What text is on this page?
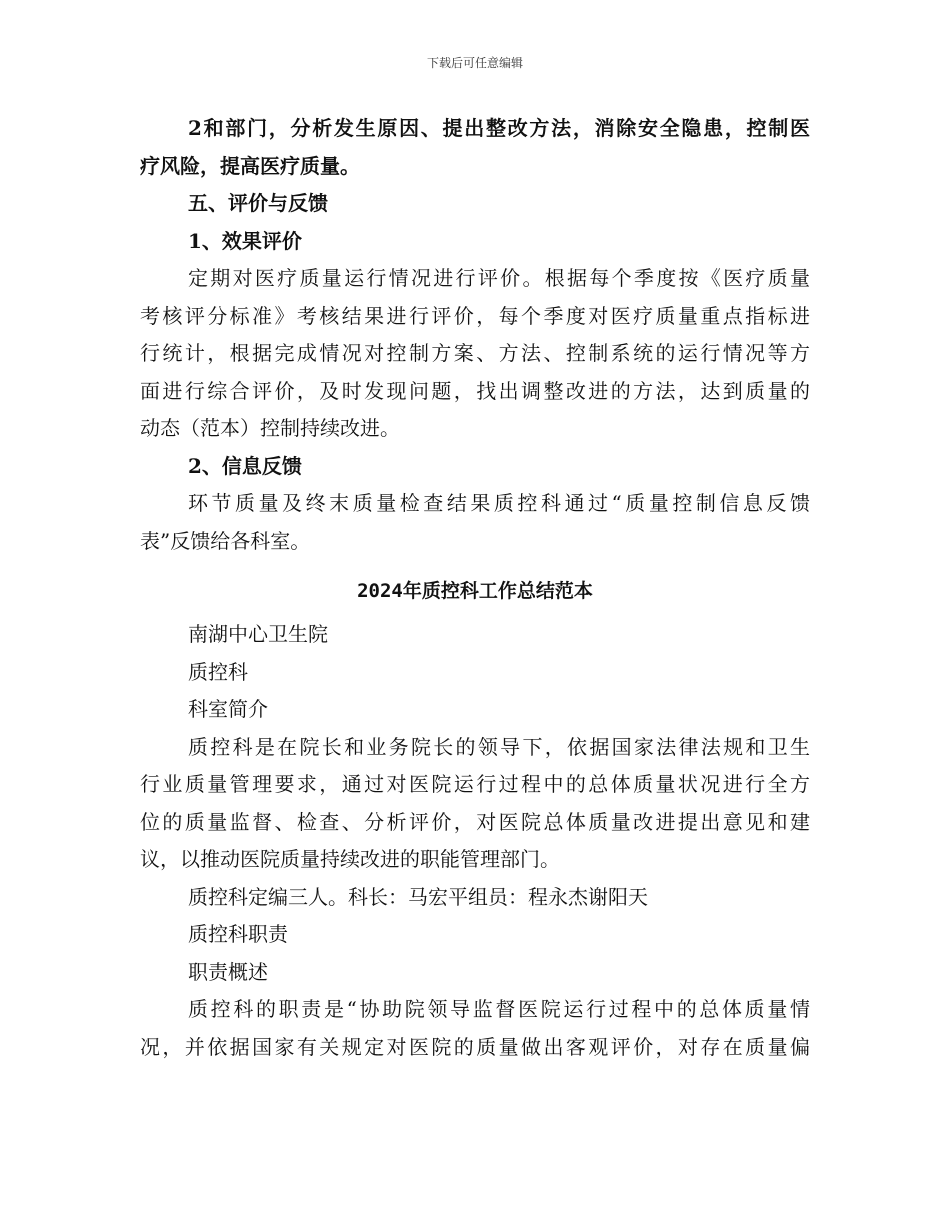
下载后可任意编辑
2和部门，分析发生原因、提出整改方法，消除安全隐患，控制医
疗风险，提高医疗质量。
五、评价与反馈
1、效果评价
定期对医疗质量运行情况进行评价。根据每个季度按《医疗质量
考核评分标准》考核结果进行评价，每个季度对医疗质量重点指标进
行统计，根据完成情况对控制方案、方法、控制系统的运行情况等方
面进行综合评价，及时发现问题，找出调整改进的方法，达到质量的
动态（范本）控制持续改进。
2、信息反馈
环节质量及终末质量检查结果质控科通过“质量控制信息反馈
表”反馈给各科室。
2024年质控科工作总结范本
南湖中心卫生院
质控科
科室简介
质控科是在院长和业务院长的领导下，依据国家法律法规和卫生
行业质量管理要求，通过对医院运行过程中的总体质量状况进行全方
位的质量监督、检查、分析评价，对医院总体质量改进提出意见和建
议，以推动医院质量持续改进的职能管理部门。
质控科定编三人。科长：马宏平组员：程永杰谢阳天
质控科职责
职责概述
质控科的职责是“协助院领导监督医院运行过程中的总体质量情
况，并依据国家有关规定对医院的质量做出客观评价，对存在质量偏
